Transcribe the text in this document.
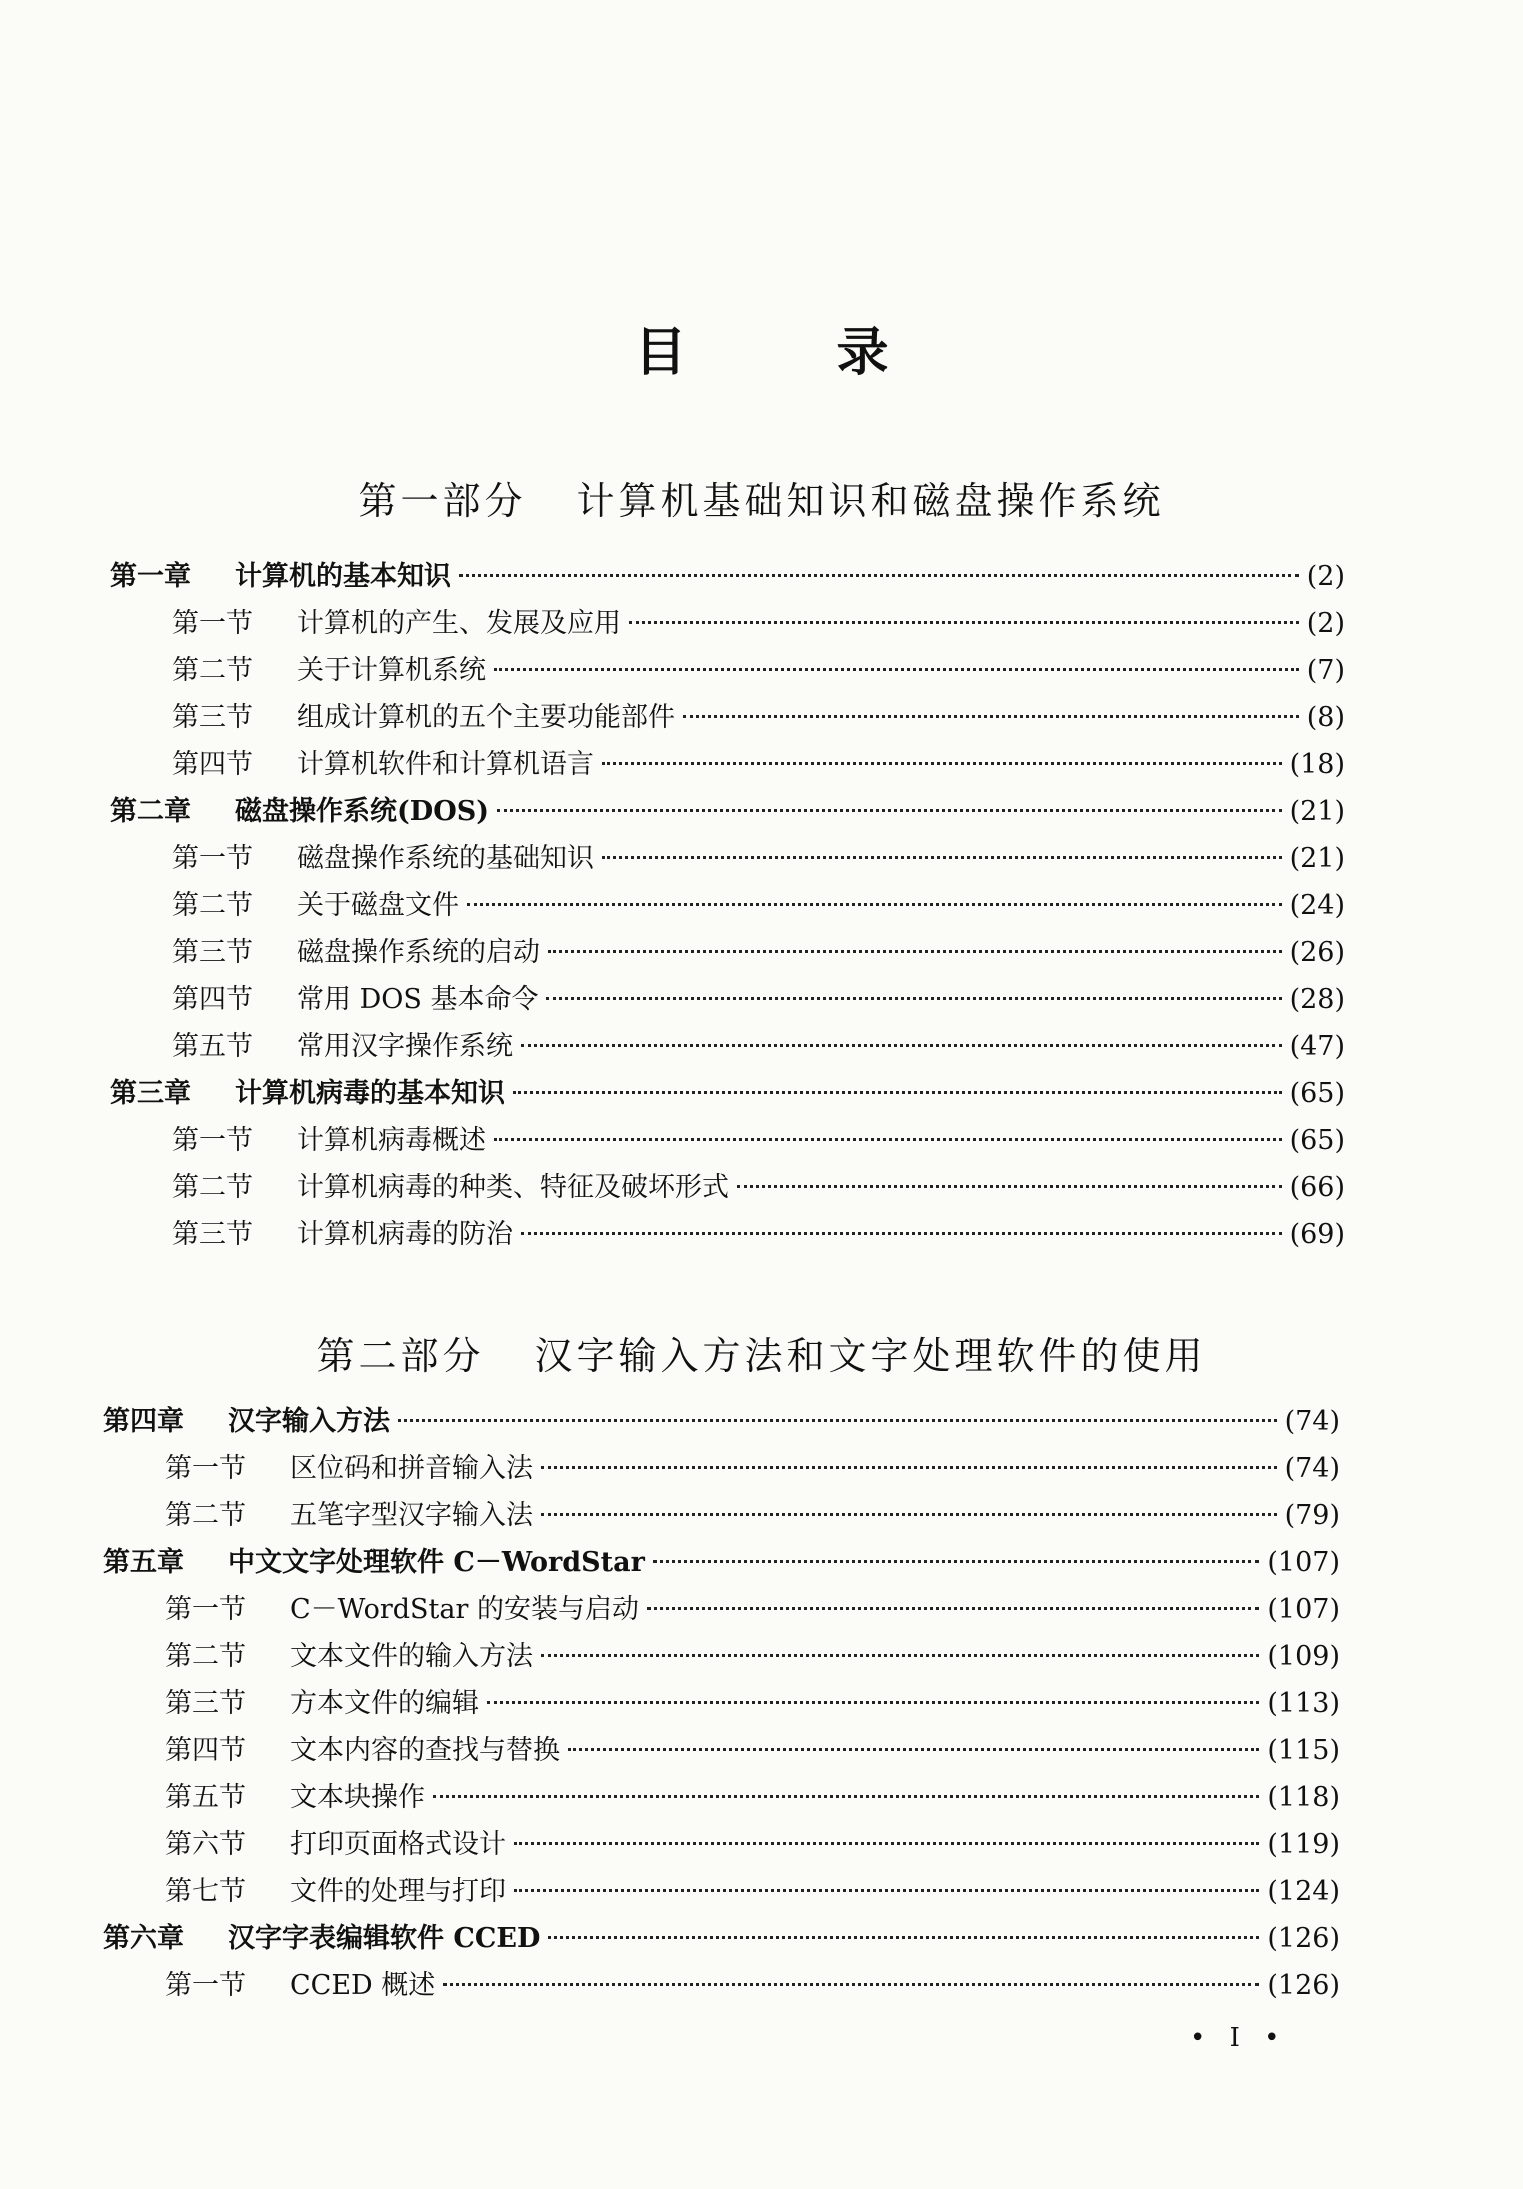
目	录
第一部分 计算机基础知识和磁盘操作系统
第一章	计算机的基本知识	(2)
第一节	计算机的产生、发展及应用	(2)
第二节	关于计算机系统	(7)
第三节	组成计算机的五个主要功能部件	(8)
第四节	计算机软件和计算机语言	(18)
第二章	磁盘操作系统(DOS)	(21)
第一节	磁盘操作系统的基础知识	(21)
第二节	关于磁盘文件	(24)
第三节	磁盘操作系统的启动	(26)
第四节	常用 DOS 基本命令	(28)
第五节	常用汉字操作系统	(47)
第三章	计算机病毒的基本知识	(65)
第一节	计算机病毒概述	(65)
第二节	计算机病毒的种类、特征及破坏形式	(66)
第三节	计算机病毒的防治	(69)
第二部分 汉字输入方法和文字处理软件的使用
第四章	汉字输入方法	(74)
第一节	区位码和拼音输入法	(74)
第二节	五笔字型汉字输入法	(79)
第五章	中文文字处理软件 C－WordStar	(107)
第一节	C－WordStar 的安装与启动	(107)
第二节	文本文件的输入方法	(109)
第三节	方本文件的编辑	(113)
第四节	文本内容的查找与替换	(115)
第五节	文本块操作	(118)
第六节	打印页面格式设计	(119)
第七节	文件的处理与打印	(124)
第六章	汉字字表编辑软件 CCED	(126)
第一节	CCED 概述	(126)
• I •
